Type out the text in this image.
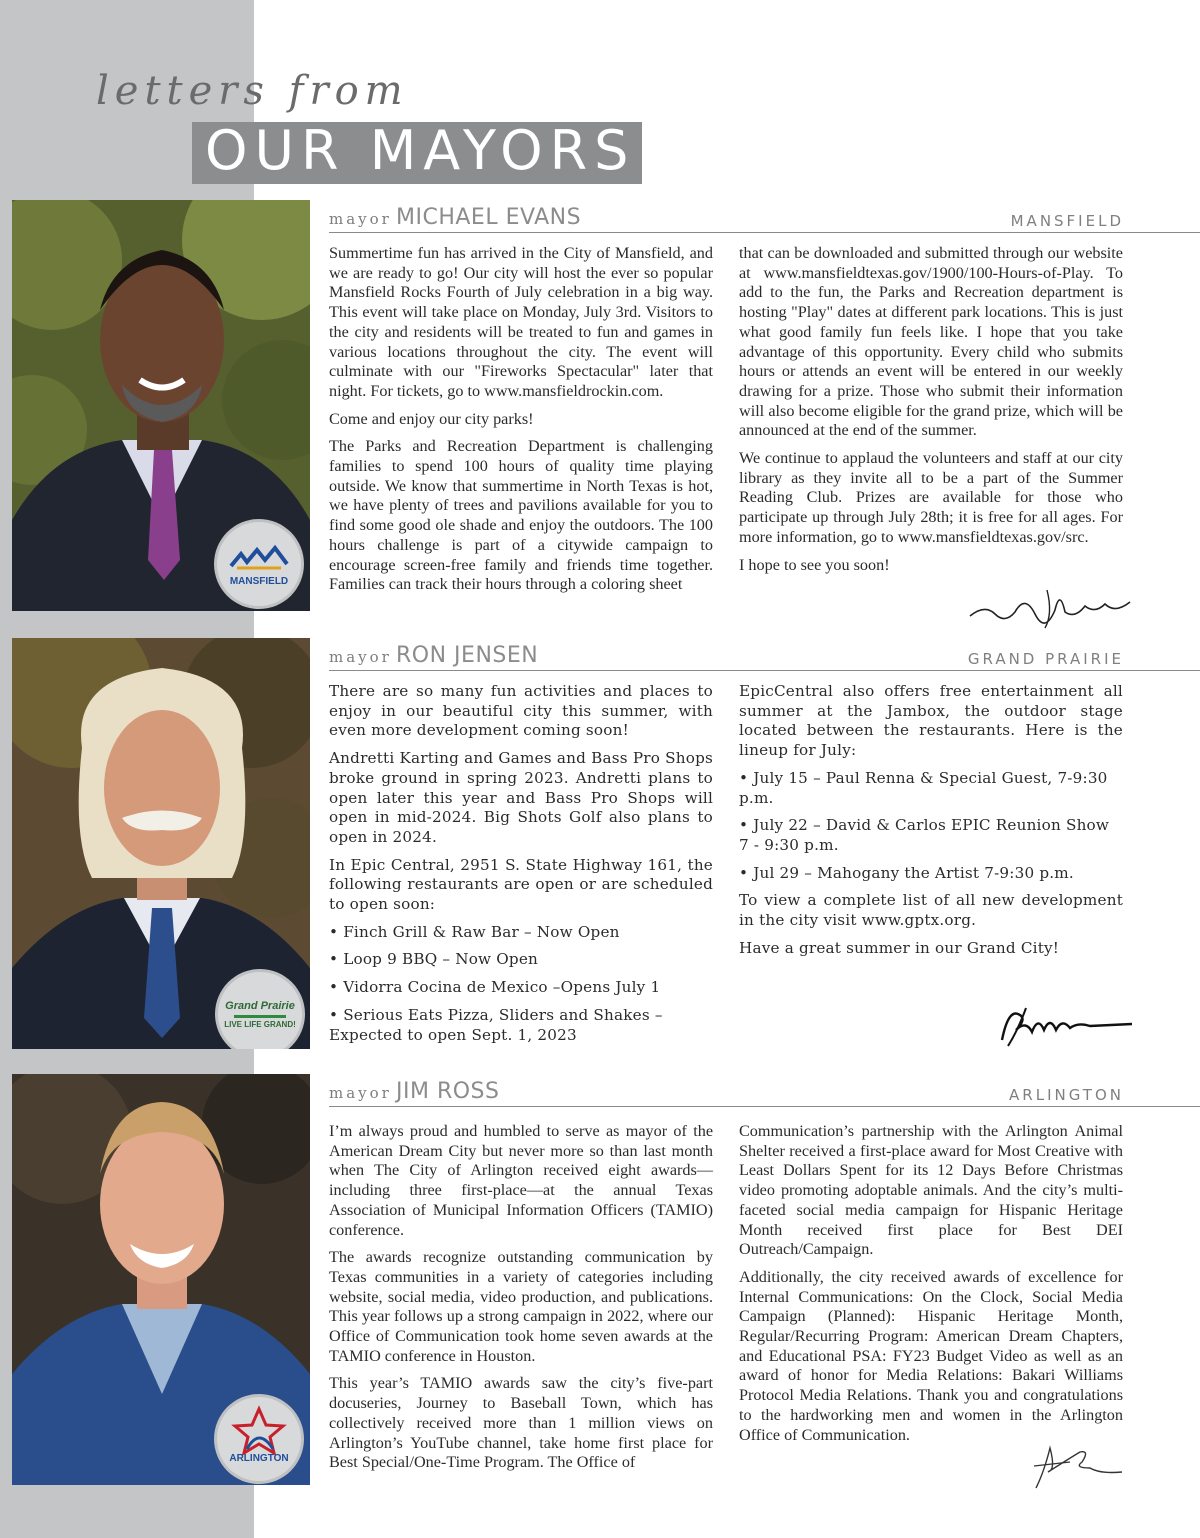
letters from
OUR MAYORS
MANSFIELD
mayor MICHAEL EVANS	MANSFIELD

Summertime fun has arrived in the City of Mansfield, and we are ready to go! Our city will host the ever so popular Mansfield Rocks Fourth of July celebration in a big way. This event will take place on Monday, July 3rd. Visitors to the city and residents will be treated to fun and games in various locations throughout the city. The event will culminate with our "Fireworks Spectacular" later that night. For tickets, go to www.mansfieldrockin.com.

Come and enjoy our city parks!

The Parks and Recreation Department is challenging families to spend 100 hours of quality time playing outside. We know that summertime in North Texas is hot, we have plenty of trees and pavilions available for you to find some good ole shade and enjoy the outdoors. The 100 hours challenge is part of a citywide campaign to encourage screen-free family and friends time together. Families can track their hours through a coloring sheet

that can be downloaded and submitted through our website at www.mansfieldtexas.gov/1900/100-Hours-of-Play. To add to the fun, the Parks and Recreation department is hosting "Play" dates at different park locations. This is just what good family fun feels like. I hope that you take advantage of this opportunity. Every child who submits hours or attends an event will be entered in our weekly drawing for a prize. Those who submit their information will also become eligible for the grand prize, which will be announced at the end of the summer.

We continue to applaud the volunteers and staff at our city library as they invite all to be a part of the Summer Reading Club. Prizes are available for those who participate up through July 28th; it is free for all ages. For more information, go to www.mansfieldtexas.gov/src.

I hope to see you soon!

Grand Prairie
LIVE LIFE GRAND!
mayor RON JENSEN	GRAND PRAIRIE

There are so many fun activities and places to enjoy in our beautiful city this summer, with even more development coming soon!

Andretti Karting and Games and Bass Pro Shops broke ground in spring 2023. Andretti plans to open later this year and Bass Pro Shops will open in mid-2024. Big Shots Golf also plans to open in 2024.

In Epic Central, 2951 S. State Highway 161, the following restaurants are open or are scheduled to open soon:

• Finch Grill & Raw Bar – Now Open

• Loop 9 BBQ – Now Open

• Vidorra Cocina de Mexico –Opens July 1

• Serious Eats Pizza, Sliders and Shakes – Expected to open Sept. 1, 2023

EpicCentral also offers free entertainment all summer at the Jambox, the outdoor stage located between the restaurants. Here is the lineup for July:

• July 15 – Paul Renna & Special Guest, 7-9:30 p.m.

• July 22 – David & Carlos EPIC Reunion Show 7 - 9:30 p.m.

• Jul 29 – Mahogany the Artist 7-9:30 p.m.

To view a complete list of all new development in the city visit www.gptx.org.

Have a great summer in our Grand City!

ARLINGTON
mayor JIM ROSS	ARLINGTON

I’m always proud and humbled to serve as mayor of the American Dream City but never more so than last month when The City of Arlington received eight awards—including three first-place—at the annual Texas Association of Municipal Information Officers (TAMIO) conference.

The awards recognize outstanding communication by Texas communities in a variety of categories including website, social media, video production, and publications. This year follows up a strong campaign in 2022, where our Office of Communication took home seven awards at the TAMIO conference in Houston.

This year’s TAMIO awards saw the city’s five-part docuseries, Journey to Baseball Town, which has collectively received more than 1 million views on Arlington’s YouTube channel, take home first place for Best Special/One-Time Program. The Office of

Communication’s partnership with the Arlington Animal Shelter received a first-place award for Most Creative with Least Dollars Spent for its 12 Days Before Christmas video promoting adoptable animals. And the city’s multi-faceted social media campaign for Hispanic Heritage Month received first place for Best DEI Outreach/Campaign.

Additionally, the city received awards of excellence for Internal Communications: On the Clock, Social Media Campaign (Planned): Hispanic Heritage Month, Regular/Recurring Program: American Dream Chapters, and Educational PSA: FY23 Budget Video as well as an award of honor for Media Relations: Bakari Williams Protocol Media Relations. Thank you and congratulations to the hardworking men and women in the Arlington Office of Communication.
